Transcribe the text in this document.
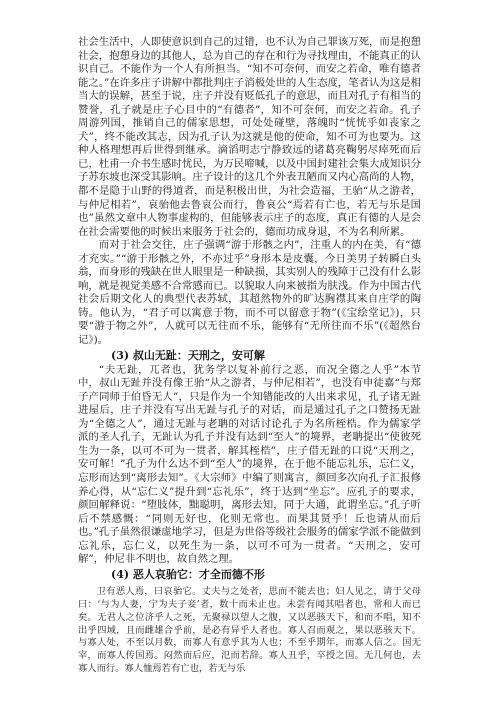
社会生活中，人即使意识到自己的过错，也不认为自己罪该万死，而是抱憩社会，抱憩身边的其他人，总为自己的存在和行为寻找理由，不能真正的认识自己。不能作为一个人有所担当。“知不可奈何，而安之若命，唯有德者能之。”在许多庄子讲解中都批判庄子消极处世的人生态度，笔者认为这是相当大的误解，甚至于说，庄子并没有贬低孔子的意思，而且对孔子有相当的赞誉，孔子就是庄子心目中的“有德者”，知不可奈何，而安之若命。孔子周游列国，推销自己的儒家思想，可处处碰壁，落魄时“恍恍乎如丧家之犬”，终不能改其志，因为孔子认为这就是他的使命，知不可为也要为。这种人格理想再后世得到继承。滴滔明志宁静致远的诸葛亮鞠躬尽瘁死而后已，杜甫一介书生感时忧民，为万民啼喊，以及中国封建社会集大成知识分子苏东坡也深受其影响。庄子设计的这几个外表丑陋而又内心高尚的人物，都不是隐于山野的得道者，而是积极出世，为社会造福，王骀“从之游者，与仲尼相若”，哀骀他去鲁哀公而行，鲁哀公“焉若有亡也，若无与乐是国也”虽然文章中人物事虚构的，但能够表示庄子的态度，真正有德的人是会在社会需要他的时候出来服务于社会的，德而功成身退，不为名利所累。

而对于社会交往，庄子强调“游于形骸之内”，注重人的内在美，有“德才充实。”“游于形骸之外，不亦过乎”身形本是皮囊，今日美男子转瞬白头翁，而身形的残缺在世人眼里是一种缺损，其实别人的残障于己没有什么影响，就是视觉美感不合常感而已。以貌取人向来被指为肤浅。作为中国古代社会后期文化人的典型代表苏轼，其超然物外的旷达胸襟其来自庄学的陶铸。他认为，“君子可以寓意于物，而不可以留意于物”(《宝绘堂记》)，只要“游于物之外”，人就可以无往而不乐，能够有“无所往而不乐”(《超然台记》)。

(3) 叔山无趾：天刑之，安可解

“夫无趾，兀者也，犹务学以复补前行之恶，而况全德之人乎”本节中，叔山无趾并没有像王骀“从之游者，与仲尼相若”，也没有申徒嘉“与郑子产同师于伯昏无人”，只是作为一个知错能改的人出来求见，孔子诸无趾进屋后，庄子并没有写出无趾与孔子的对话，而是通过孔子之口赞扬无趾为“全德之人”，通过无趾与老聃的对话讨论孔子为名所桎梏。作为儒家学派的圣人孔子，无趾认为孔子并没有达到“至人”的境界，老聃提出“使彼死生为一条，以可不可为一贯者，解其桎梏”，庄子借无趾的口说“天刑之，安可解！”孔子为什么达不到“至人”的境界，在于他不能忘礼乐，忘仁义，忘形而达到“离形去知”。《大宗师》中编了则寓言，颜回多次向孔子汇报修养心得，从“忘仁义”提升到“忘礼乐”，终于达到“坐忘”。应孔子的要求，颜回解释说：“堕肢体，黜聪明，离形去知，同于大通，此谓坐忘。”孔子听后不禁感慨：“同则无好也，化则无常也。而果其贤乎！丘也请从而后也。”孔子虽然很谦虚地学习，但是为世俗等级社会服务的儒家学派不能做到忘礼乐，忘仁义，以死生为一条，以可不可为一贯者。“天刑之，安可解”，仲尼非不明也，故自然之理。

(4) 恶人哀骀它：才全而德不形

卫有恶人焉，曰哀骀它。丈夫与之处者，思而不能去也；妇人见之，请于父母曰：‘与为人妻，宁为夫子妾’者，数十而未止也。未尝有闻其唱者也，常和人而已矣。无君人之位济乎人之死，无聚禄以望人之腹，又以恶骇天下，和而不唱，知不出乎四域，且而雌雄合乎前，是必有异乎人者也。寡人召而观之，果以恶骇天下。与寡人处，不至以月数，而寡人有意乎其为人也；不至乎期年，而寡人信之。国无宰，而寡人传国焉。闷然而后应，氾而若辞。寡人丑乎，卒授之国。无几何也，去寡人而行。寡人恤焉若有亡也，若无与乐
